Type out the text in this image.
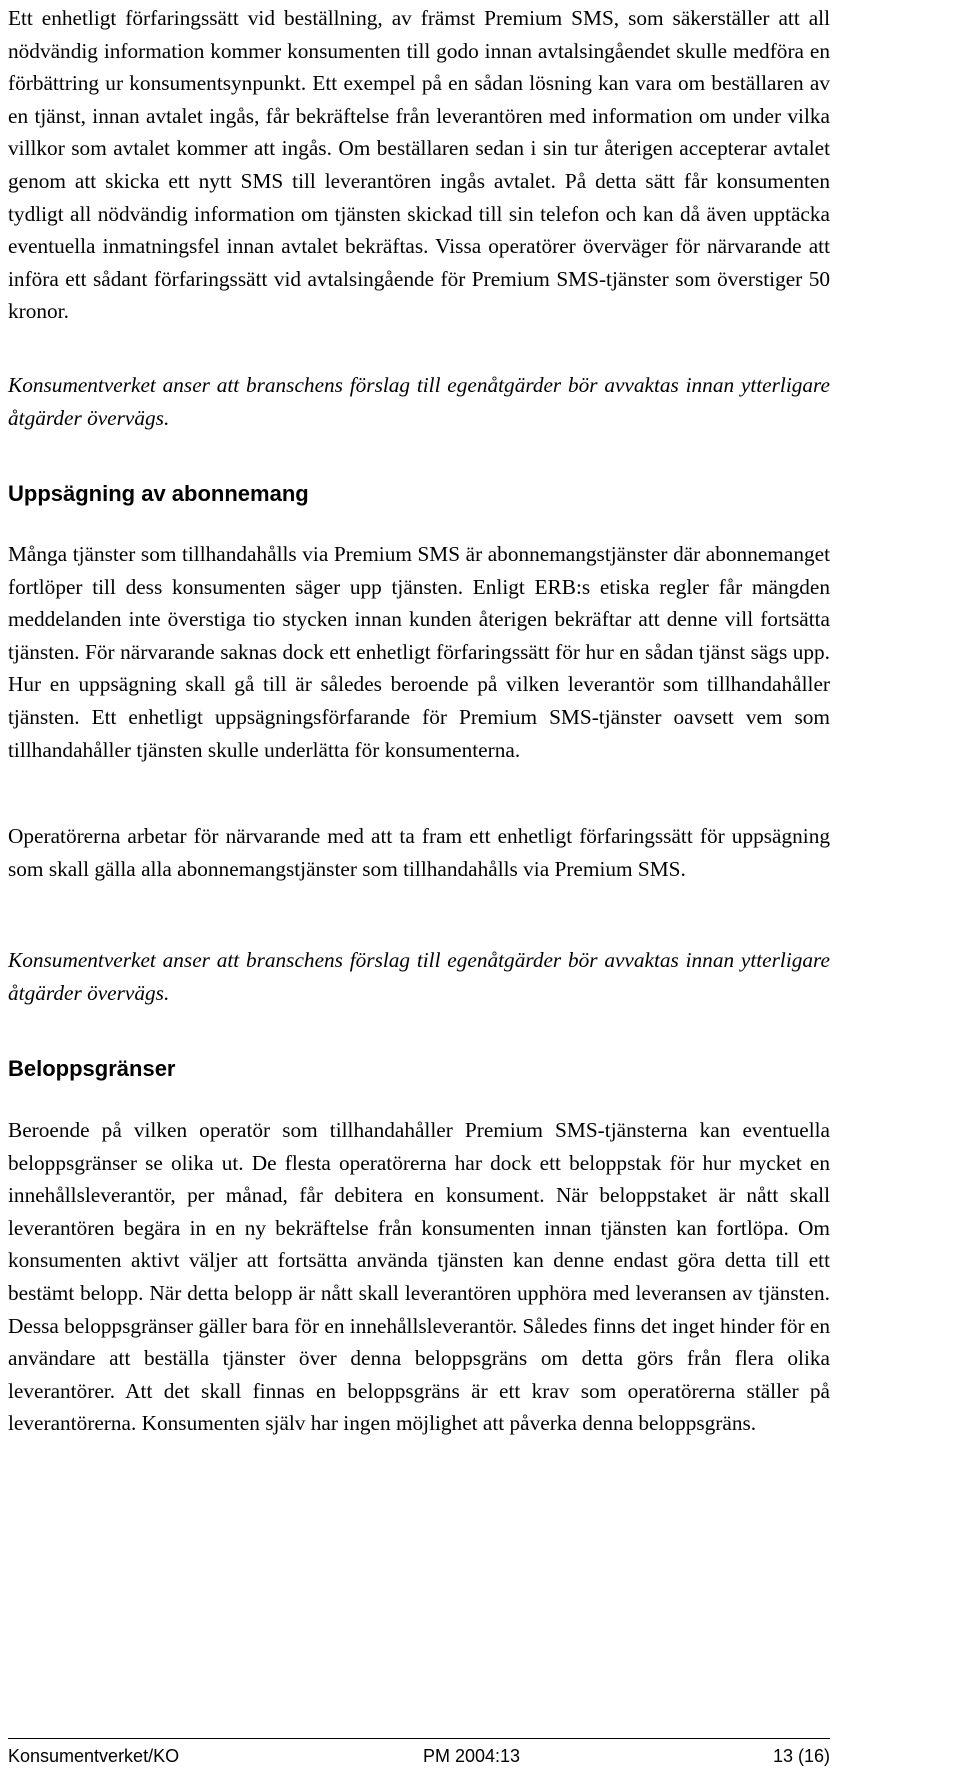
Ett enhetligt förfaringssätt vid beställning, av främst Premium SMS, som säkerställer att all nödvändig information kommer konsumenten till godo innan avtalsingåendet skulle medföra en förbättring ur konsumentsynpunkt. Ett exempel på en sådan lösning kan vara om beställaren av en tjänst, innan avtalet ingås, får bekräftelse från leverantören med information om under vilka villkor som avtalet kommer att ingås. Om beställaren sedan i sin tur återigen accepterar avtalet genom att skicka ett nytt SMS till leverantören ingås avtalet. På detta sätt får konsumenten tydligt all nödvändig information om tjänsten skickad till sin telefon och kan då även upptäcka eventuella inmatningsfel innan avtalet bekräftas. Vissa operatörer överväger för närvarande att införa ett sådant förfaringssätt vid avtalsingående för Premium SMS-tjänster som överstiger 50 kronor.

Konsumentverket anser att branschens förslag till egenåtgärder bör avvaktas innan ytterligare åtgärder övervägs.

Uppsägning av abonnemang

Många tjänster som tillhandahålls via Premium SMS är abonnemangstjänster där abonnemanget fortlöper till dess konsumenten säger upp tjänsten. Enligt ERB:s etiska regler får mängden meddelanden inte överstiga tio stycken innan kunden återigen bekräftar att denne vill fortsätta tjänsten. För närvarande saknas dock ett enhetligt förfaringssätt för hur en sådan tjänst sägs upp. Hur en uppsägning skall gå till är således beroende på vilken leverantör som tillhandahåller tjänsten. Ett enhetligt uppsägningsförfarande för Premium SMS-tjänster oavsett vem som tillhandahåller tjänsten skulle underlätta för konsumenterna.

Operatörerna arbetar för närvarande med att ta fram ett enhetligt förfaringssätt för uppsägning som skall gälla alla abonnemangstjänster som tillhandahålls via Premium SMS.

Konsumentverket anser att branschens förslag till egenåtgärder bör avvaktas innan ytterligare åtgärder övervägs.

Beloppsgränser

Beroende på vilken operatör som tillhandahåller Premium SMS-tjänsterna kan eventuella beloppsgränser se olika ut. De flesta operatörerna har dock ett beloppstak för hur mycket en innehållsleverantör, per månad, får debitera en konsument. När beloppstaket är nått skall leverantören begära in en ny bekräftelse från konsumenten innan tjänsten kan fortlöpa. Om konsumenten aktivt väljer att fortsätta använda tjänsten kan denne endast göra detta till ett bestämt belopp. När detta belopp är nått skall leverantören upphöra med leveransen av tjänsten. Dessa beloppsgränser gäller bara för en innehållsleverantör. Således finns det inget hinder för en användare att beställa tjänster över denna beloppsgräns om detta görs från flera olika leverantörer. Att det skall finnas en beloppsgräns är ett krav som operatörerna ställer på leverantörerna. Konsumenten själv har ingen möjlighet att påverka denna beloppsgräns.

Konsumentverket/KO	PM 2004:13	13 (16)
